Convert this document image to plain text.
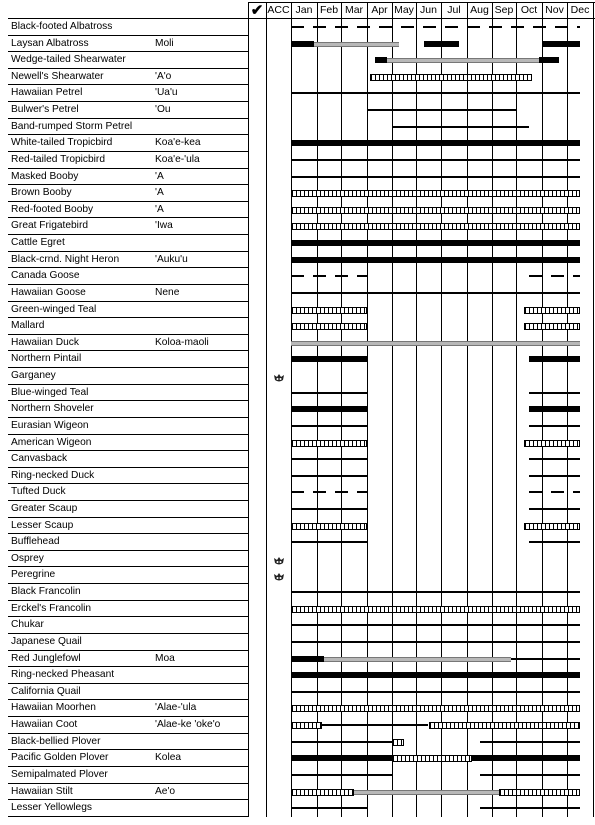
✔ ACC Jan Feb Mar Apr May Jun Jul Aug Sep Oct Nov Dec
Black-footed Albatross
Laysan Albatross	Moli
Wedge-tailed Shearwater
Newell's Shearwater	'A'o
Hawaiian Petrel	'Ua'u
Bulwer's Petrel	'Ou
Band-rumped Storm Petrel
White-tailed Tropicbird	Koa'e-kea
Red-tailed Tropicbird	Koa'e-'ula
Masked Booby	'A
Brown Booby	'A
Red-footed Booby	'A
Great Frigatebird	'Iwa
Cattle Egret
Black-crnd. Night Heron	'Auku'u
Canada Goose
Hawaiian Goose	Nene
Green-winged Teal
Mallard
Hawaiian Duck	Koloa-maoli
Northern Pintail
Garganey
Blue-winged Teal
Northern Shoveler
Eurasian Wigeon
American Wigeon
Canvasback
Ring-necked Duck
Tufted Duck
Greater Scaup
Lesser Scaup
Bufflehead
Osprey
Peregrine
Black Francolin
Erckel's Francolin
Chukar
Japanese Quail
Red Junglefowl	Moa
Ring-necked Pheasant
California Quail
Hawaiian Moorhen	'Alae-'ula
Hawaiian Coot	'Alae-ke 'oke'o
Black-bellied Plover
Pacific Golden Plover	Kolea
Semipalmated Plover
Hawaiian Stilt	Ae'o
Lesser Yellowlegs
